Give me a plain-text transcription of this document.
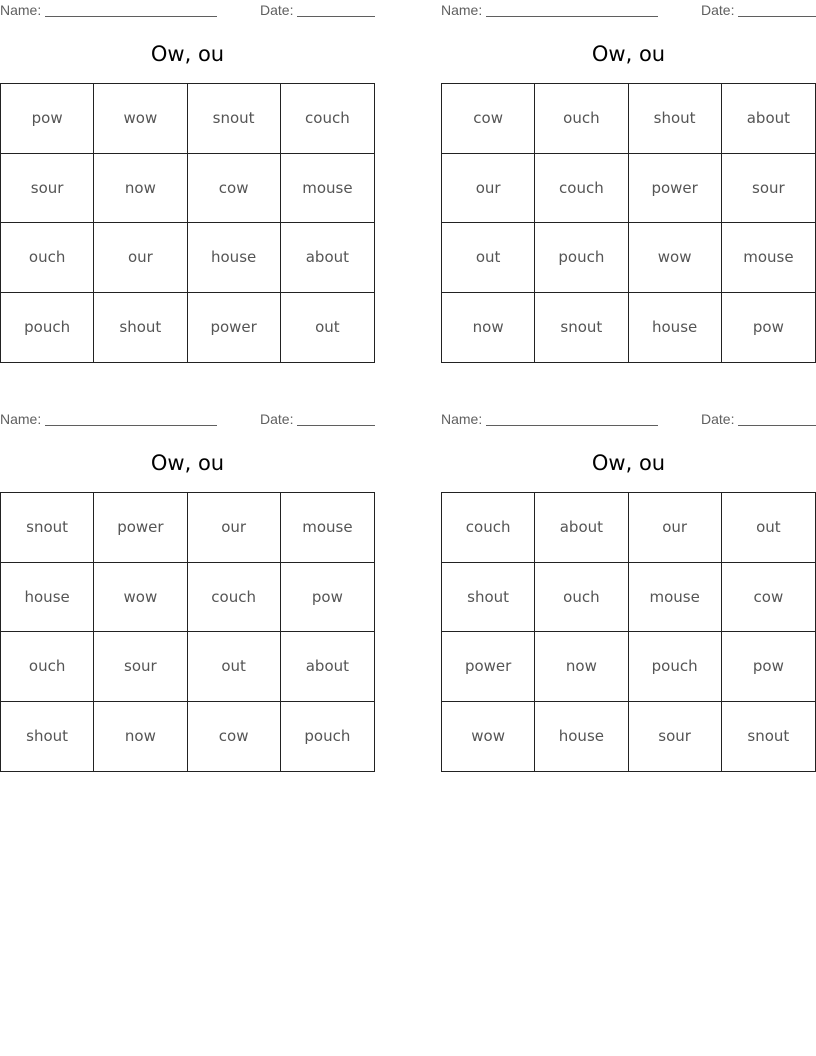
Name:	Date:
Ow, ou
pow	wow	snout	couch
sour	now	cow	mouse
ouch	our	house	about
pouch	shout	power	out
Name:	Date:
Ow, ou
cow	ouch	shout	about
our	couch	power	sour
out	pouch	wow	mouse
now	snout	house	pow
Name:	Date:
Ow, ou
snout	power	our	mouse
house	wow	couch	pow
ouch	sour	out	about
shout	now	cow	pouch
Name:	Date:
Ow, ou
couch	about	our	out
shout	ouch	mouse	cow
power	now	pouch	pow
wow	house	sour	snout
